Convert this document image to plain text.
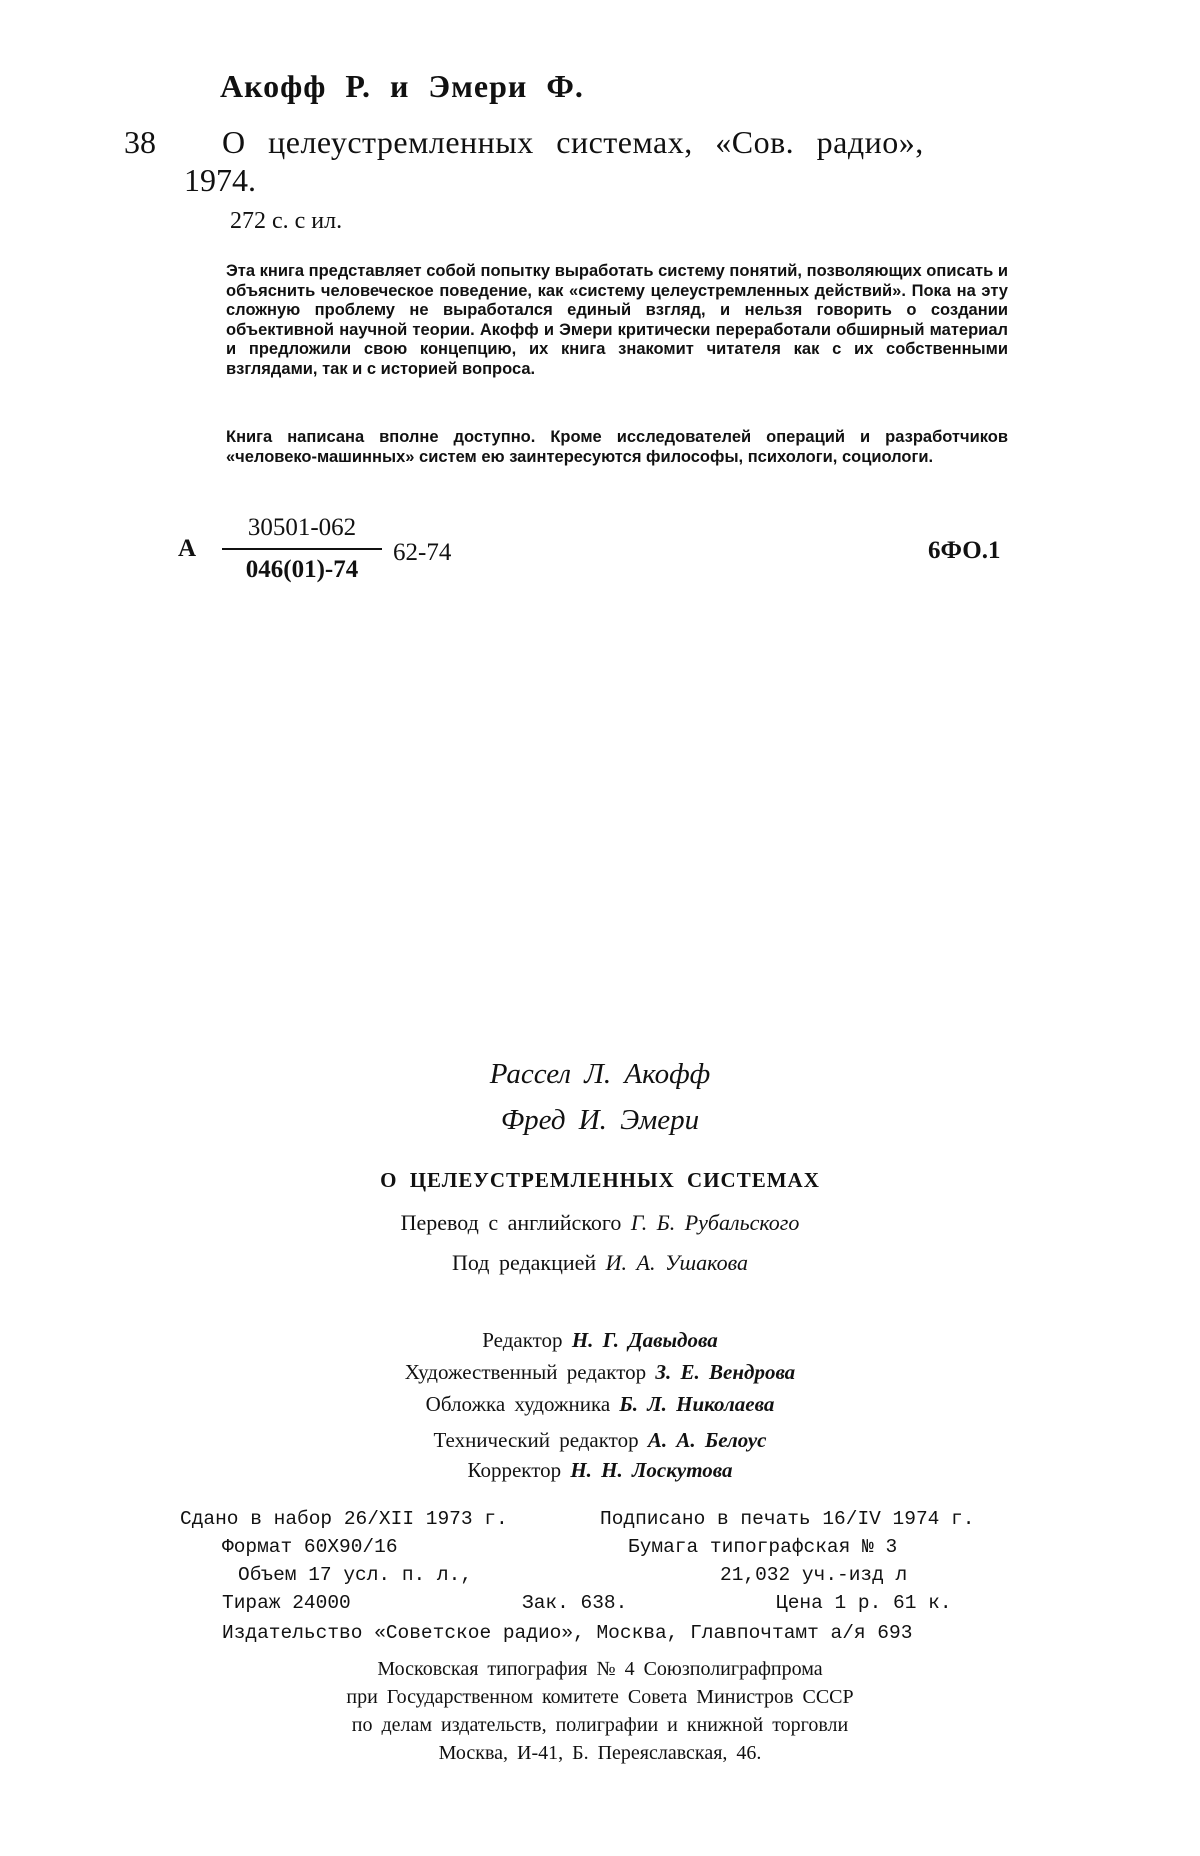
Акофф Р. и Эмери Ф.
38 О целеустремленных системах, «Сов. радио»,
1974.
272 с. с ил.
Эта книга представляет собой попытку выработать систему понятий, позволяющих описать и объяснить человеческое поведение, как «систему целеустремленных действий». Пока на эту сложную проблему не выработался единый взгляд, и нельзя говорить о создании объективной научной теории. Акофф и Эмери критически переработали обширный материал и предложили свою концепцию, их книга знакомит читателя как с их собственными взглядами, так и с историей вопроса.
Книга написана вполне доступно. Кроме исследователей операций и разработчиков «человеко-машинных» систем ею заинтересуются философы, психологи, социологи.
А
30501-062
046(01)-74
62-74	6ФО.1
Рассел Л. Акофф
Фред И. Эмери
О ЦЕЛЕУСТРЕМЛЕННЫХ СИСТЕМАХ
Перевод с английского Г. Б. Рубальского
Под редакцией И. А. Ушакова
Редактор Н. Г. Давыдова
Художественный редактор З. Е. Вендрова
Обложка художника Б. Л. Николаева
Технический редактор А. А. Белоус
Корректор Н. Н. Лоскутова
Сдано в набор 26/XII 1973 г.	Подписано в печать 16/IV 1974 г.
Формат 60X90/16	Бумага типографская № 3
Объем 17 усл. п. л.,	21,032 уч.-изд л
Тираж 24000	Зак. 638.	Цена 1 р. 61 к.
Издательство «Советское радио», Москва, Главпочтамт а/я 693
Московская типография № 4 Союзполиграфпрома
при Государственном комитете Совета Министров СССР
по делам издательств, полиграфии и книжной торговли
Москва, И-41, Б. Переяславская, 46.
